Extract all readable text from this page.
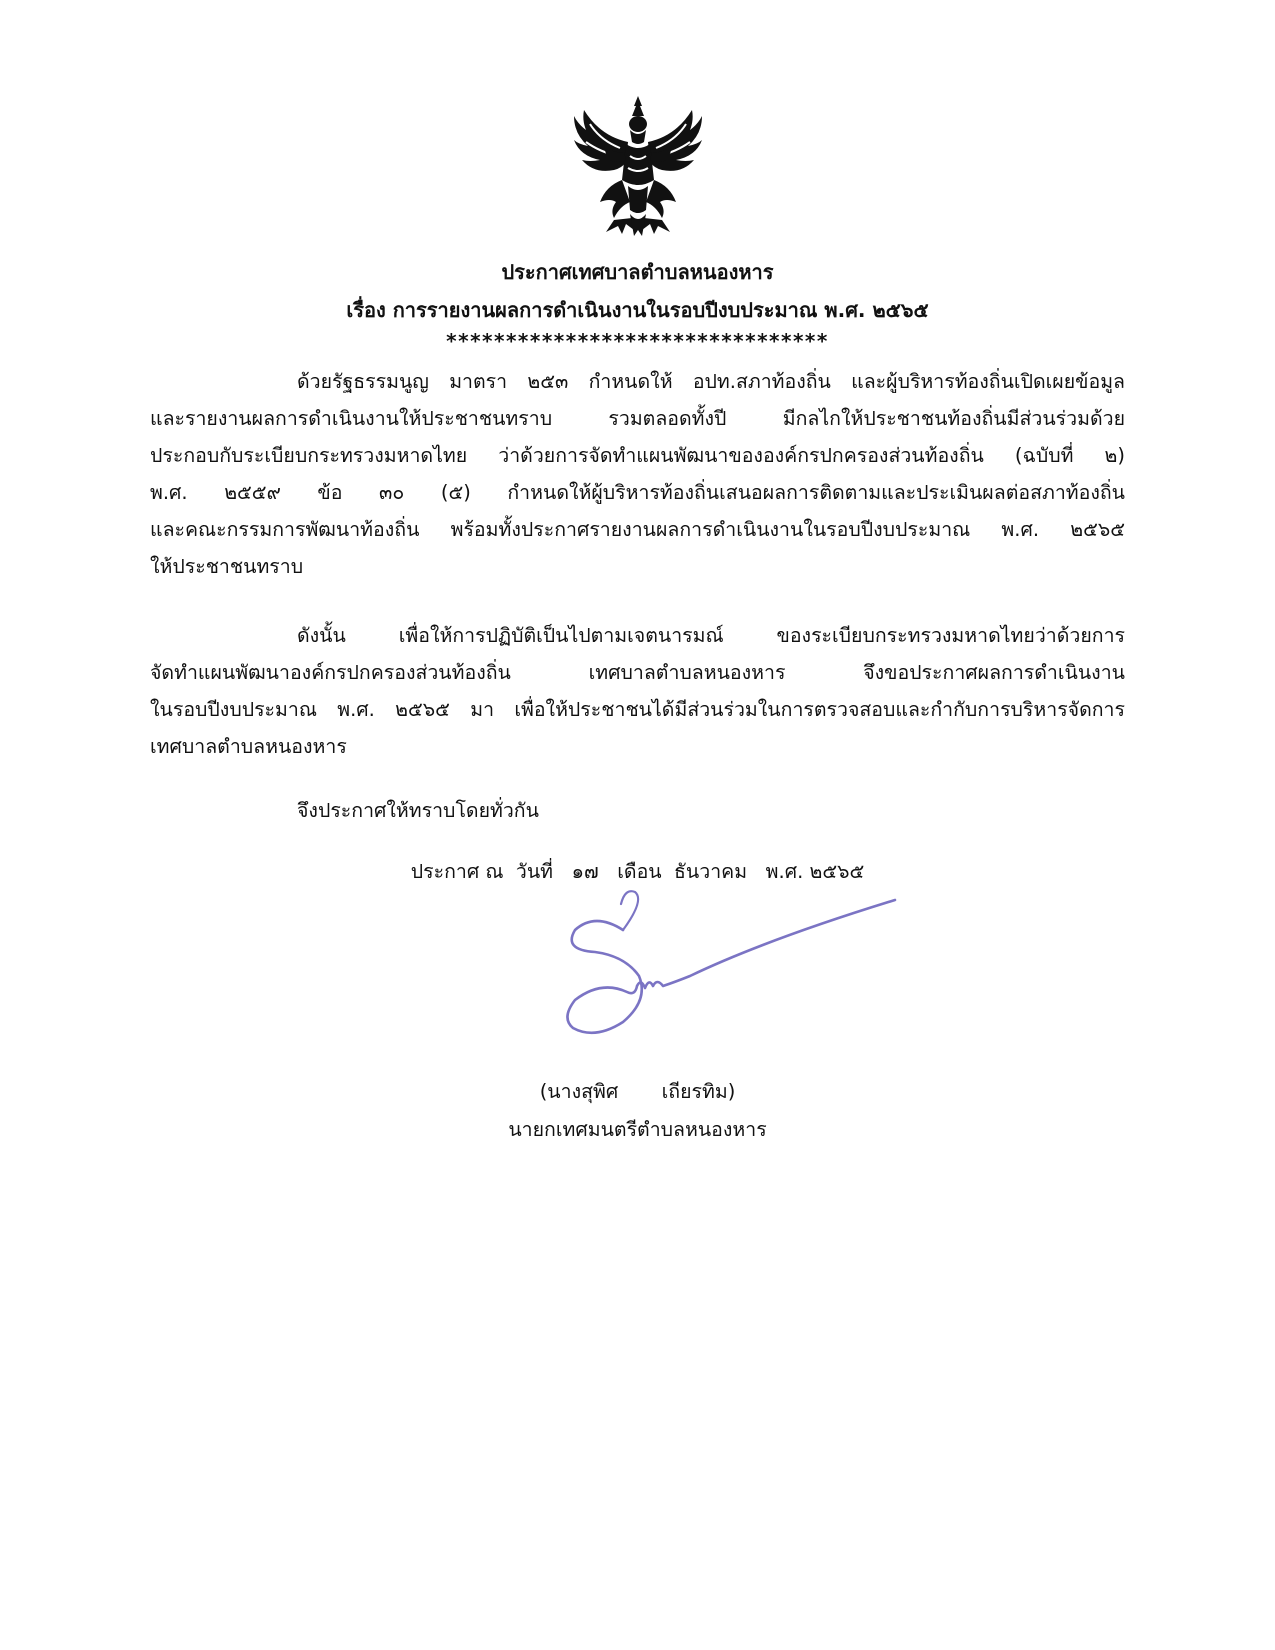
ประกาศเทศบาลตำบลหนองหาร
เรื่อง การรายงานผลการดำเนินงานในรอบปีงบประมาณ พ.ศ. ๒๕๖๕
********************************
ด้วยรัฐธรรมนูญ มาตรา ๒๕๓ กำหนดให้ อปท.สภาท้องถิ่น และผู้บริหารท้องถิ่นเปิดเผยข้อมูล
และรายงานผลการดำเนินงานให้ประชาชนทราบ รวมตลอดทั้งปี มีกลไกให้ประชาชนท้องถิ่นมีส่วนร่วมด้วย
ประกอบกับระเบียบกระทรวงมหาดไทย ว่าด้วยการจัดทำแผนพัฒนาขององค์กรปกครองส่วนท้องถิ่น (ฉบับที่ ๒)
พ.ศ. ๒๕๕๙ ข้อ ๓๐ (๕) กำหนดให้ผู้บริหารท้องถิ่นเสนอผลการติดตามและประเมินผลต่อสภาท้องถิ่น
และคณะกรรมการพัฒนาท้องถิ่น พร้อมทั้งประกาศรายงานผลการดำเนินงานในรอบปีงบประมาณ พ.ศ. ๒๕๖๕
ให้ประชาชนทราบ
ดังนั้น เพื่อให้การปฏิบัติเป็นไปตามเจตนารมณ์ ของระเบียบกระทรวงมหาดไทยว่าด้วยการ
จัดทำแผนพัฒนาองค์กรปกครองส่วนท้องถิ่น เทศบาลตำบลหนองหาร จึงขอประกาศผลการดำเนินงาน
ในรอบปีงบประมาณ พ.ศ. ๒๕๖๕ มา เพื่อให้ประชาชนได้มีส่วนร่วมในการตรวจสอบและกำกับการบริหารจัดการ
เทศบาลตำบลหนองหาร
จึงประกาศให้ทราบโดยทั่วกัน
ประกาศ ณ  วันที่   ๑๗   เดือน  ธันวาคม   พ.ศ. ๒๕๖๕
(นางสุพิศ       เถียรทิม)
นายกเทศมนตรีตำบลหนองหาร
